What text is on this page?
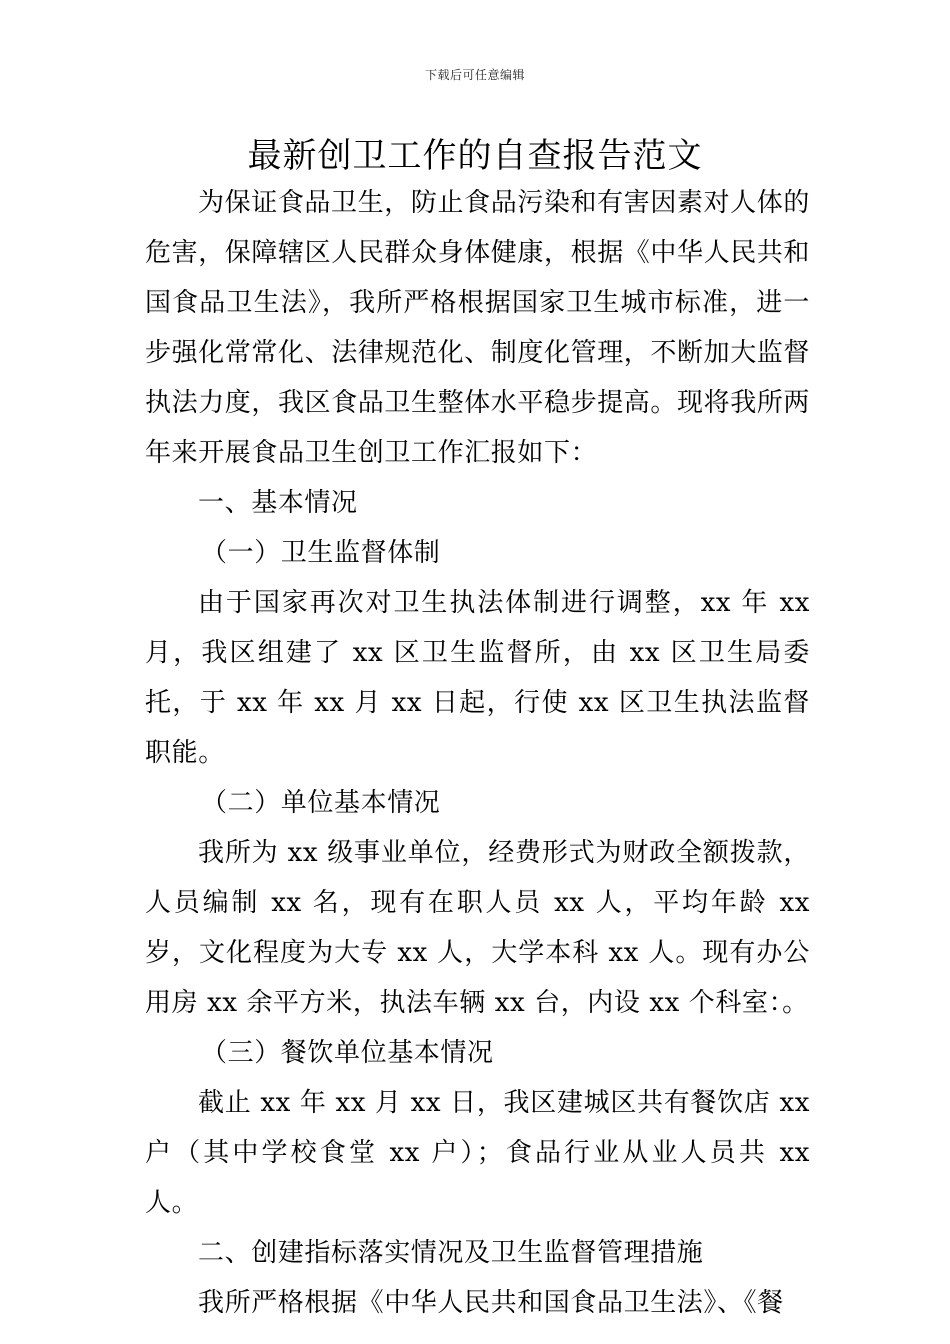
下载后可任意编辑
最新创卫工作的自查报告范文

为保证食品卫生，防止食品污染和有害因素对人体的危害，保障辖区人民群众身体健康，根据《中华人民共和国食品卫生法》，我所严格根据国家卫生城市标准，进一步强化常常化、法律规范化、制度化管理，不断加大监督执法力度，我区食品卫生整体水平稳步提高。现将我所两年来开展食品卫生创卫工作汇报如下：

一、基本情况

（一）卫生监督体制

由于国家再次对卫生执法体制进行调整，xx 年 xx 月，我区组建了 xx 区卫生监督所，由 xx 区卫生局委托，于 xx 年 xx 月 xx 日起，行使 xx 区卫生执法监督职能。

（二）单位基本情况

我所为 xx 级事业单位，经费形式为财政全额拨款，人员编制 xx 名，现有在职人员 xx 人，平均年龄 xx 岁，文化程度为大专 xx 人，大学本科 xx 人。现有办公用房 xx 余平方米，执法车辆 xx 台，内设 xx 个科室：。

（三）餐饮单位基本情况

截止 xx 年 xx 月 xx 日，我区建城区共有餐饮店 xx 户（其中学校食堂 xx 户）；食品行业从业人员共 xx 人。

二、创建指标落实情况及卫生监督管理措施

我所严格根据《中华人民共和国食品卫生法》、《餐
